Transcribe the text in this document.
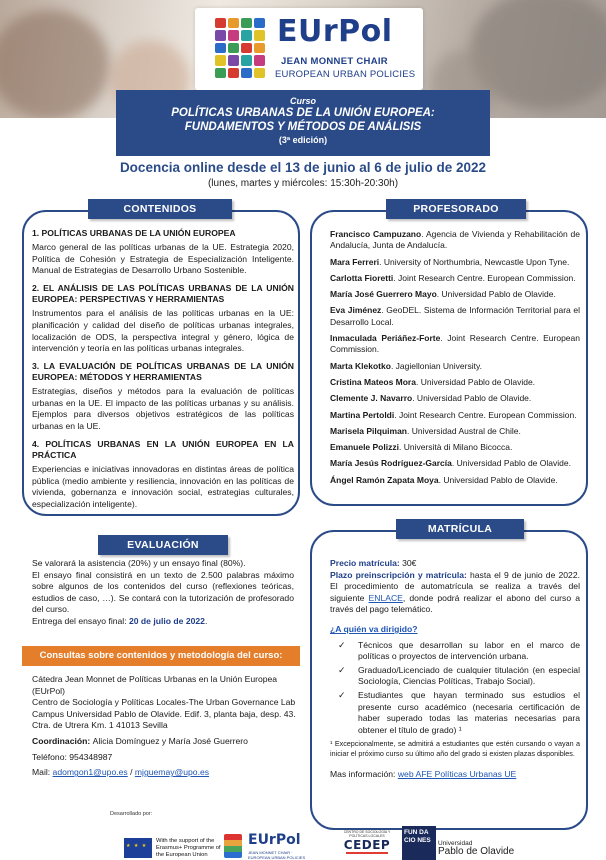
EUrPol
JEAN MONNET CHAIR
EUROPEAN URBAN POLICIES
Curso
POLÍTICAS URBANAS DE LA UNIÓN EUROPEA:
FUNDAMENTOS Y MÉTODOS DE ANÁLISIS
(3ª edición)
Docencia online desde el 13 de junio al 6 de julio de 2022
(lunes, martes y miércoles: 15:30h-20:30h)
CONTENIDOS
1. POLÍTICAS URBANAS DE LA UNIÓN EUROPEA

Marco general de las políticas urbanas de la UE. Estrategia 2020, Política de Cohesión y Estrategia de Especialización Inteligente. Manual de Estrategias de Desarrollo Urbano Sostenible.

2. EL ANÁLISIS DE LAS POLÍTICAS URBANAS DE LA UNIÓN EUROPEA: PERSPECTIVAS Y HERRAMIENTAS

Instrumentos para el análisis de las políticas urbanas en la UE: planificación y calidad del diseño de políticas urbanas integrales, localización de ODS, la perspectiva integral y género, lógica de intervención y teoría en las políticas urbanas integrales.

3. LA EVALUACIÓN DE POLÍTICAS URBANAS DE LA UNIÓN EUROPEA: MÉTODOS Y HERRAMIENTAS

Estrategias, diseños y métodos para la evaluación de políticas urbanas en la UE. El impacto de las políticas urbanas y su análisis. Ejemplos para diversos objetivos estratégicos de las políticas urbanas en la UE.

4. POLÍTICAS URBANAS EN LA UNIÓN EUROPEA EN LA PRÁCTICA

Experiencias e iniciativas innovadoras en distintas áreas de política pública (medio ambiente y resiliencia, innovación en las políticas de vivienda, gobernanza e innovación social, estrategias culturales, especialización inteligente).

EVALUACIÓN

Se valorará la asistencia (20%) y un ensayo final (80%).

El ensayo final consistirá en un texto de 2.500 palabras máximo sobre algunos de los contenidos del curso (reflexiones teóricas, estudios de caso, …). Se contará con la tutorización de profesorado del curso.

Entrega del ensayo final: 20 de julio de 2022.

Consultas sobre contenidos y metodología del curso:

Cátedra Jean Monnet de Políticas Urbanas en la Unión Europea (EUrPol)
Centro de Sociología y Políticas Locales-The Urban Governance Lab
Campus Universidad Pablo de Olavide. Edif. 3, planta baja, desp. 43.
Ctra. de Utrera Km. 1 41013 Sevilla

Coordinación: Alicia Domínguez y María José Guerrero

Teléfono: 954348987

Mail: adomgon1@upo.es / mjguemay@upo.es

PROFESORADO
Francisco Campuzano. Agencia de Vivienda y Rehabilitación de Andalucía, Junta de Andalucía.
Mara Ferreri. University of Northumbria, Newcastle Upon Tyne.
Carlotta Fioretti. Joint Research Centre. European Commission.
María José Guerrero Mayo. Universidad Pablo de Olavide.
Eva Jiménez. GeoDEL. Sistema de Información Territorial para el Desarrollo Local.
Inmaculada Periáñez-Forte. Joint Research Centre. European Commission.
Marta Klekotko. Jagiellonian University.
Cristina Mateos Mora. Universidad Pablo de Olavide.
Clemente J. Navarro. Universidad Pablo de Olavide.
Martina Pertoldi. Joint Research Centre. European Commission.
Marisela Pilquiman. Universidad Austral de Chile.
Emanuele Polizzi. Università di Milano Bicocca.
María Jesús Rodríguez-García. Universidad Pablo de Olavide.
Ángel Ramón Zapata Moya. Universidad Pablo de Olavide.
MATRÍCULA

Precio matrícula: 30€

Plazo preinscripción y matrícula: hasta el 9 de junio de 2022. El procedimiento de automatrícula se realiza a través del siguiente ENLACE, donde podrá realizar el abono del curso a través del pago telemático.

¿A quién va dirigido?

✓	Técnicos que desarrollan su labor en el marco de políticas o proyectos de intervención urbana.
✓	Graduado/Licenciado de cualquier titulación (en especial Sociología, Ciencias Políticas, Trabajo Social).
✓	Estudiantes que hayan terminado sus estudios el presente curso académico (necesaria certificación de haber superado todas las materias necesarias para obtener el título de grado) ¹

¹ Excepcionalmente, se admitirá a estudiantes que estén cursando o vayan a iniciar el próximo curso su último año del grado si existen plazas disponibles.

Mas información: web AFE Políticas Urbanas UE

Desarrollado por:
★ ★ ★
With the support of the Erasmus+ Programme of the European Union
EUrPol
JEAN MONNET CHAIR · EUROPEAN URBAN POLICIES
CENTRO DE SOCIOLOGÍA Y POLÍTICAS LOCALES
CEDEP
FUN DA CIO NES	Universidad
Pablo de Olavide
